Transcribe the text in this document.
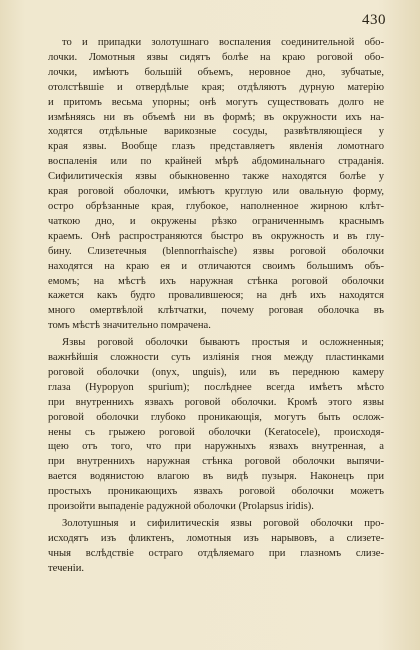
430
то и припадки золотушнаго воспаления соединительной обо-
лочки. Ломотныя язвы сидятъ болѣе на краю роговой обо-
лочки, имѣютъ большiй объемъ, неровное дно, зубчатые,
отолстѣвшiе и отвердѣлые края; отдѣляютъ дурную матерiю
и притомъ весьма упорны; онѣ могутъ существовать долго не
измѣняясь ни въ объемѣ ни въ формѣ; въ окружности ихъ на-
ходятся отдѣльные варикозные сосуды, развѣтвляющiеся у
края язвы. Вообще глазъ представляетъ явленiя ломотнаго
воспаленiя или по крайней мѣрѣ абдоминальнаго страданiя.
Сифилитическiя язвы обыкновенно также находятся болѣе у
края роговой оболочки, имѣютъ круглую или овальную форму,
остро обрѣзанные края, глубокое, наполненное жирною клѣт-
чаткою дно, и окружены рѣзко ограниченнымъ краснымъ
краемъ. Онѣ распространяются быстро въ окружность и въ глу-
бину. Слизетечныя (blennorrhaische) язвы роговой оболочки
находятся на краю ея и отличаются своимъ большимъ объ-
емомъ; на мѣстѣ ихъ наружная стѣнка роговой оболочки
кажется какъ будто провалившеюся; на днѣ ихъ находятся
много омертвѣлой клѣтчатки, почему роговая оболочка въ
томъ мѣстѣ значительно помрачена.
Язвы роговой оболочки бываютъ простыя и осложненныя;
важнѣйшiя сложности суть изліянiя гноя между пластинками
роговой оболочки (onyx, unguis), или въ переднюю камеру
глаза (Hypopyon spurium); послѣднее всегда имѣетъ мѣсто
при внутреннихъ язвахъ роговой оболочки. Кромѣ этого язвы
роговой оболочки глубоко проникающiя, могутъ быть ослож-
нены съ грыжею роговой оболочки (Keratocele), происходя-
щею отъ того, что при наружныхъ язвахъ внутренная, а
при внутреннихъ наружная стѣнка роговой оболочки выпячи-
вается водянистою влагою въ видѣ пузыря. Наконецъ при
простыхъ проникающихъ язвахъ роговой оболочки можетъ
произойти выпаденiе радужной оболочки (Prolapsus iridis).
Золотушныя и сифилитическiя язвы роговой оболочки про-
исходятъ изъ фликтенъ, ломотныя изъ нарывовъ, а слизете-
чныя вслѣдствiе остраго отдѣляемаго при глазномъ слизе-
теченiи.
